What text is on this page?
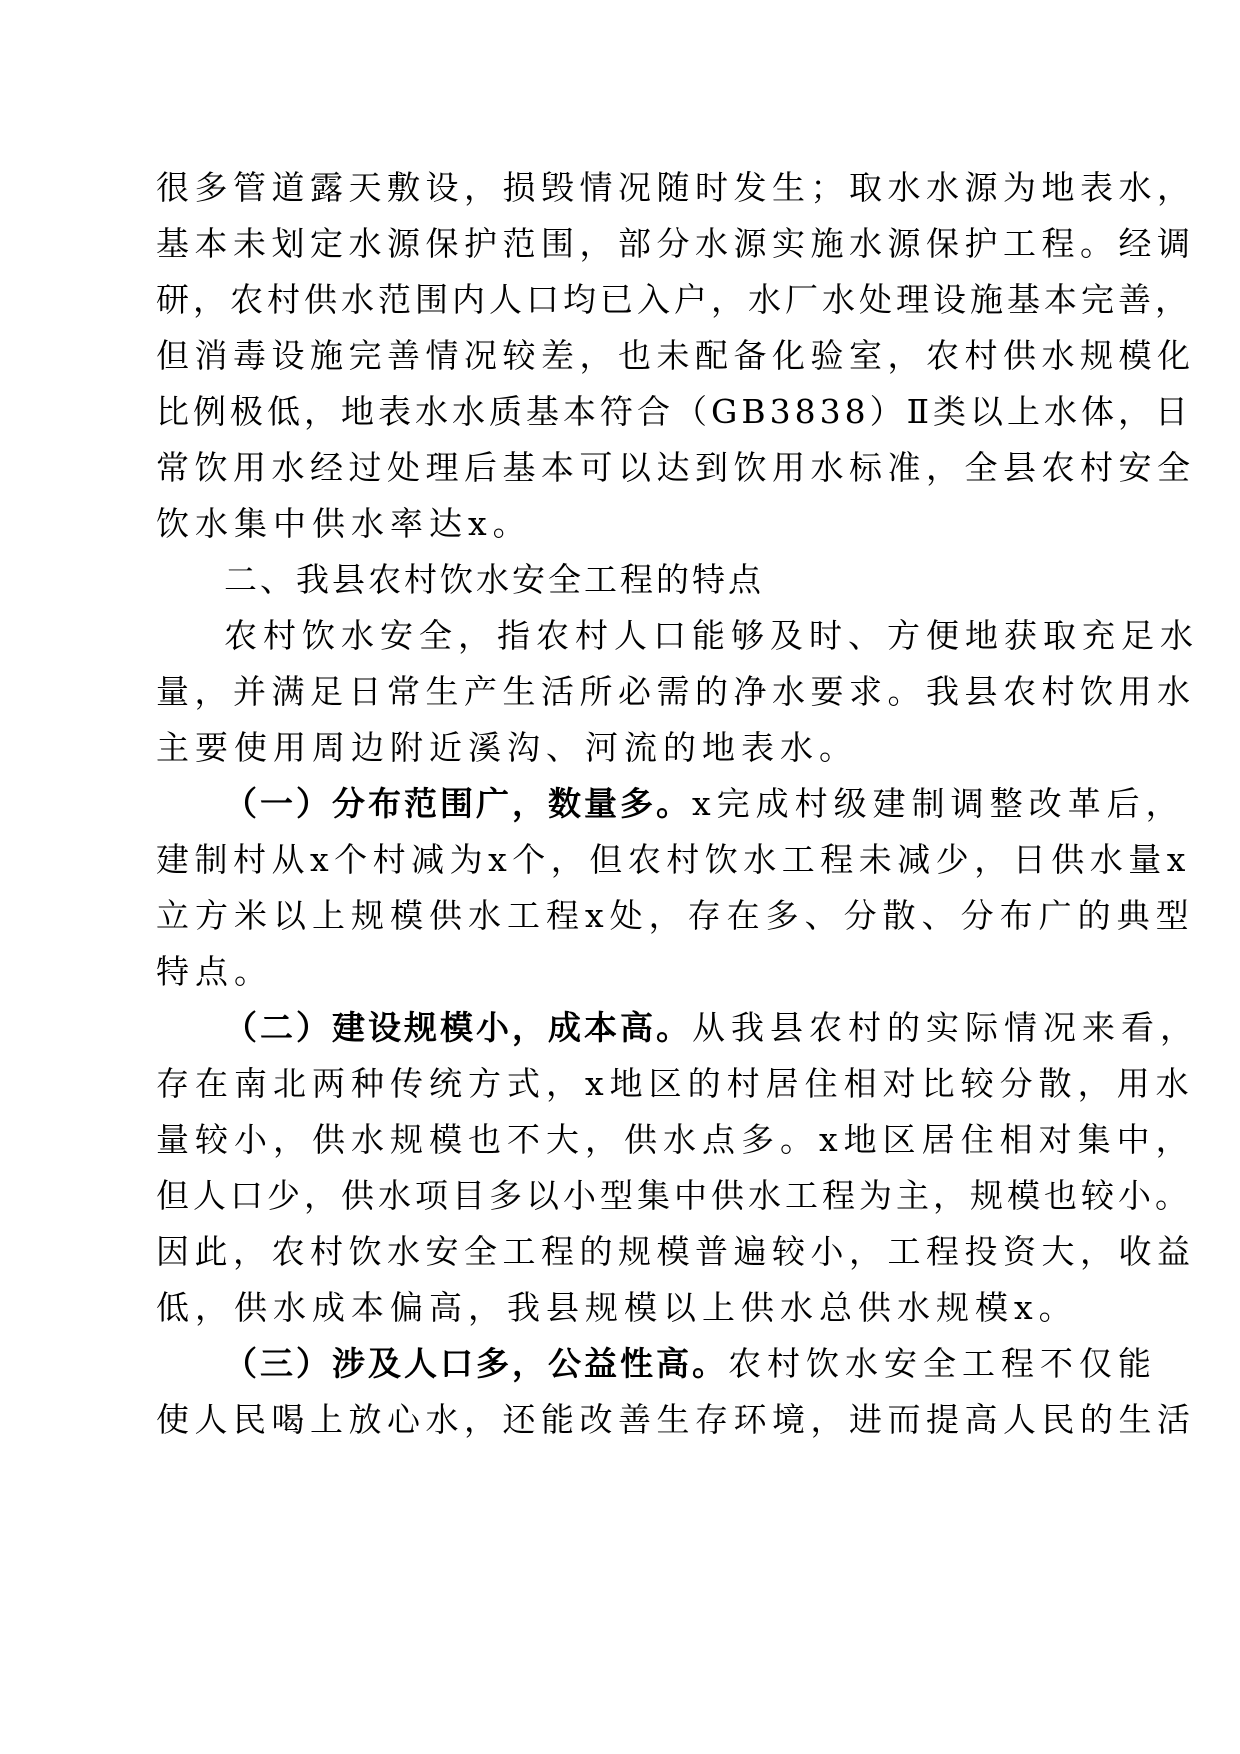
很多管道露天敷设，损毁情况随时发生；取水水源为地表水，

基本未划定水源保护范围，部分水源实施水源保护工程。经调

研，农村供水范围内人口均已入户，水厂水处理设施基本完善，

但消毒设施完善情况较差，也未配备化验室，农村供水规模化

比例极低，地表水水质基本符合（GB3838）Ⅱ类以上水体，日

常饮用水经过处理后基本可以达到饮用水标准，全县农村安全

饮水集中供水率达x。

二、我县农村饮水安全工程的特点

农村饮水安全，指农村人口能够及时、方便地获取充足水

量，并满足日常生产生活所必需的净水要求。我县农村饮用水

主要使用周边附近溪沟、河流的地表水。

（一）分布范围广，数量多。x完成村级建制调整改革后，

建制村从x个村减为x个，但农村饮水工程未减少，日供水量x

立方米以上规模供水工程x处，存在多、分散、分布广的典型

特点。

（二）建设规模小，成本高。从我县农村的实际情况来看，

存在南北两种传统方式，x地区的村居住相对比较分散，用水

量较小，供水规模也不大，供水点多。x地区居住相对集中，

但人口少，供水项目多以小型集中供水工程为主，规模也较小。

因此，农村饮水安全工程的规模普遍较小，工程投资大，收益

低，供水成本偏高，我县规模以上供水总供水规模x。

（三）涉及人口多，公益性高。农村饮水安全工程不仅能

使人民喝上放心水，还能改善生存环境，进而提高人民的生活
